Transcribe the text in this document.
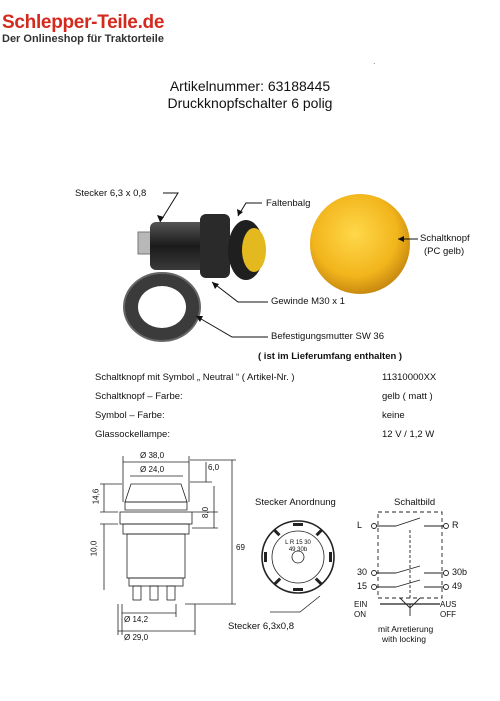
Schlepper-Teile.de
Der Onlineshop für Traktorteile
.
Artikelnummer: 63188445
Druckknopfschalter 6 polig
Stecker 6,3 x 0,8
Faltenbalg
Schaltknopf
(PC gelb)
Gewinde M30 x 1
Befestigungsmutter SW 36
( ist im Lieferumfang enthalten )
Schaltknopf mit Symbol „ Neutral “ ( Artikel-Nr. )	11310000XX
Schaltknopf – Farbe:	gelb ( matt )
Symbol – Farbe:	keine
Glassockellampe:	12 V / 1,2 W
Ø 38,0
Ø 24,0	6,0
14,6
8,0
10,0	69
Ø 14,2
Ø 29,0
Stecker Anordnung
L R 15 30 49 30b
Stecker 6,3x0,8
Schaltbild
L	R
30	30b
15	49
EIN
ON
AUS
OFF
mit Arretierung
with locking
